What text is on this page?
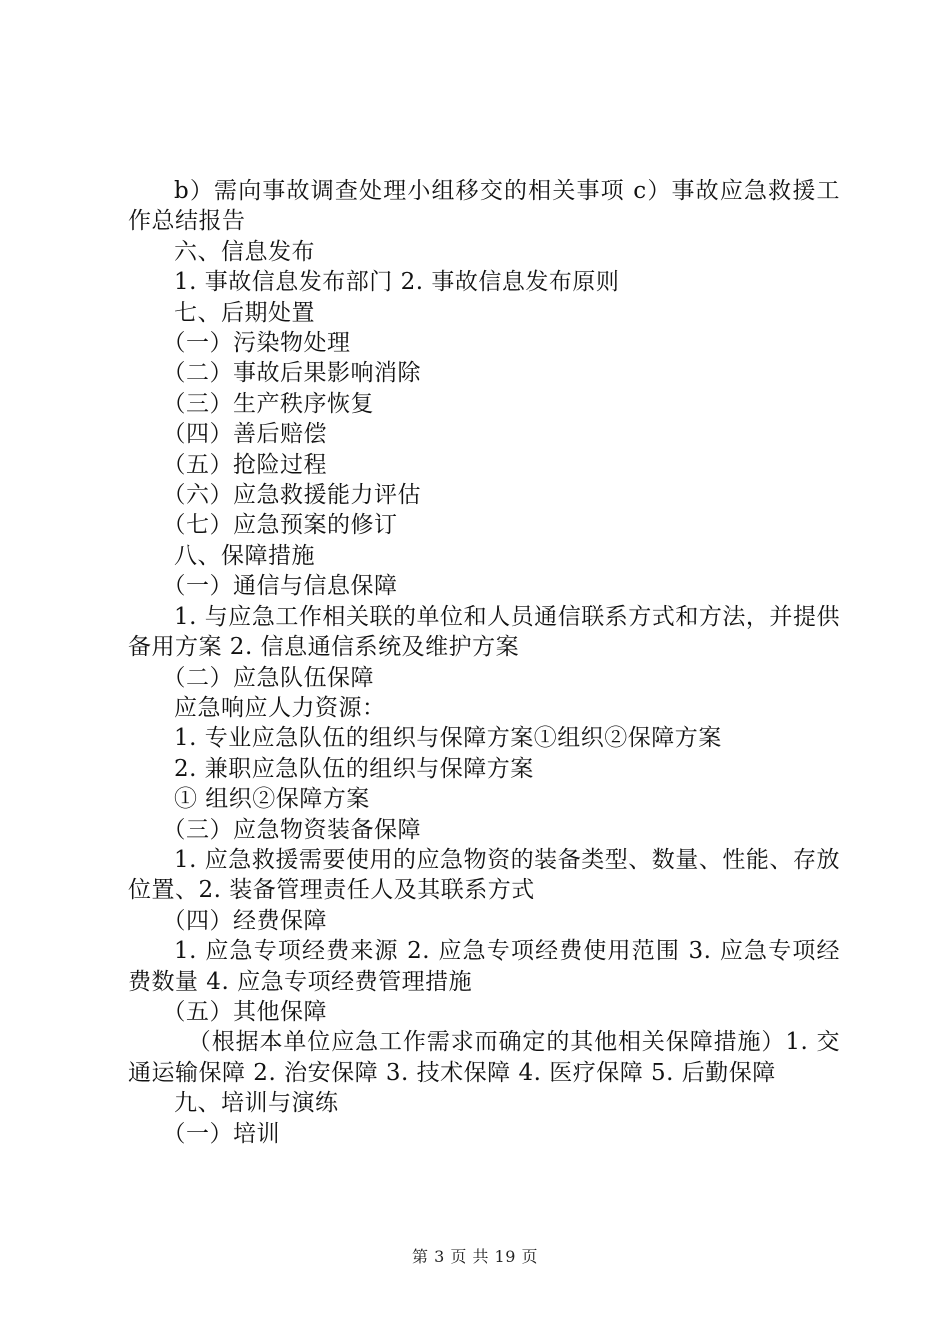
b）需向事故调查处理小组移交的相关事项 c）事故应急救援工作总结报告

六、信息发布

1. 事故信息发布部门 2. 事故信息发布原则

七、后期处置

（一）污染物处理

（二）事故后果影响消除

（三）生产秩序恢复

（四）善后赔偿

（五）抢险过程

（六）应急救援能力评估

（七）应急预案的修订

八、保障措施

（一）通信与信息保障

1. 与应急工作相关联的单位和人员通信联系方式和方法，并提供备用方案 2. 信息通信系统及维护方案

（二）应急队伍保障

应急响应人力资源：

1. 专业应急队伍的组织与保障方案①组织②保障方案

2. 兼职应急队伍的组织与保障方案

① 组织②保障方案

（三）应急物资装备保障

1. 应急救援需要使用的应急物资的装备类型、数量、性能、存放位置、2. 装备管理责任人及其联系方式

（四）经费保障

1. 应急专项经费来源 2. 应急专项经费使用范围 3. 应急专项经费数量 4. 应急专项经费管理措施

（五）其他保障

（根据本单位应急工作需求而确定的其他相关保障措施）1. 交通运输保障 2. 治安保障 3. 技术保障 4. 医疗保障 5. 后勤保障

九、培训与演练

（一）培训

第 3 页 共 19 页
